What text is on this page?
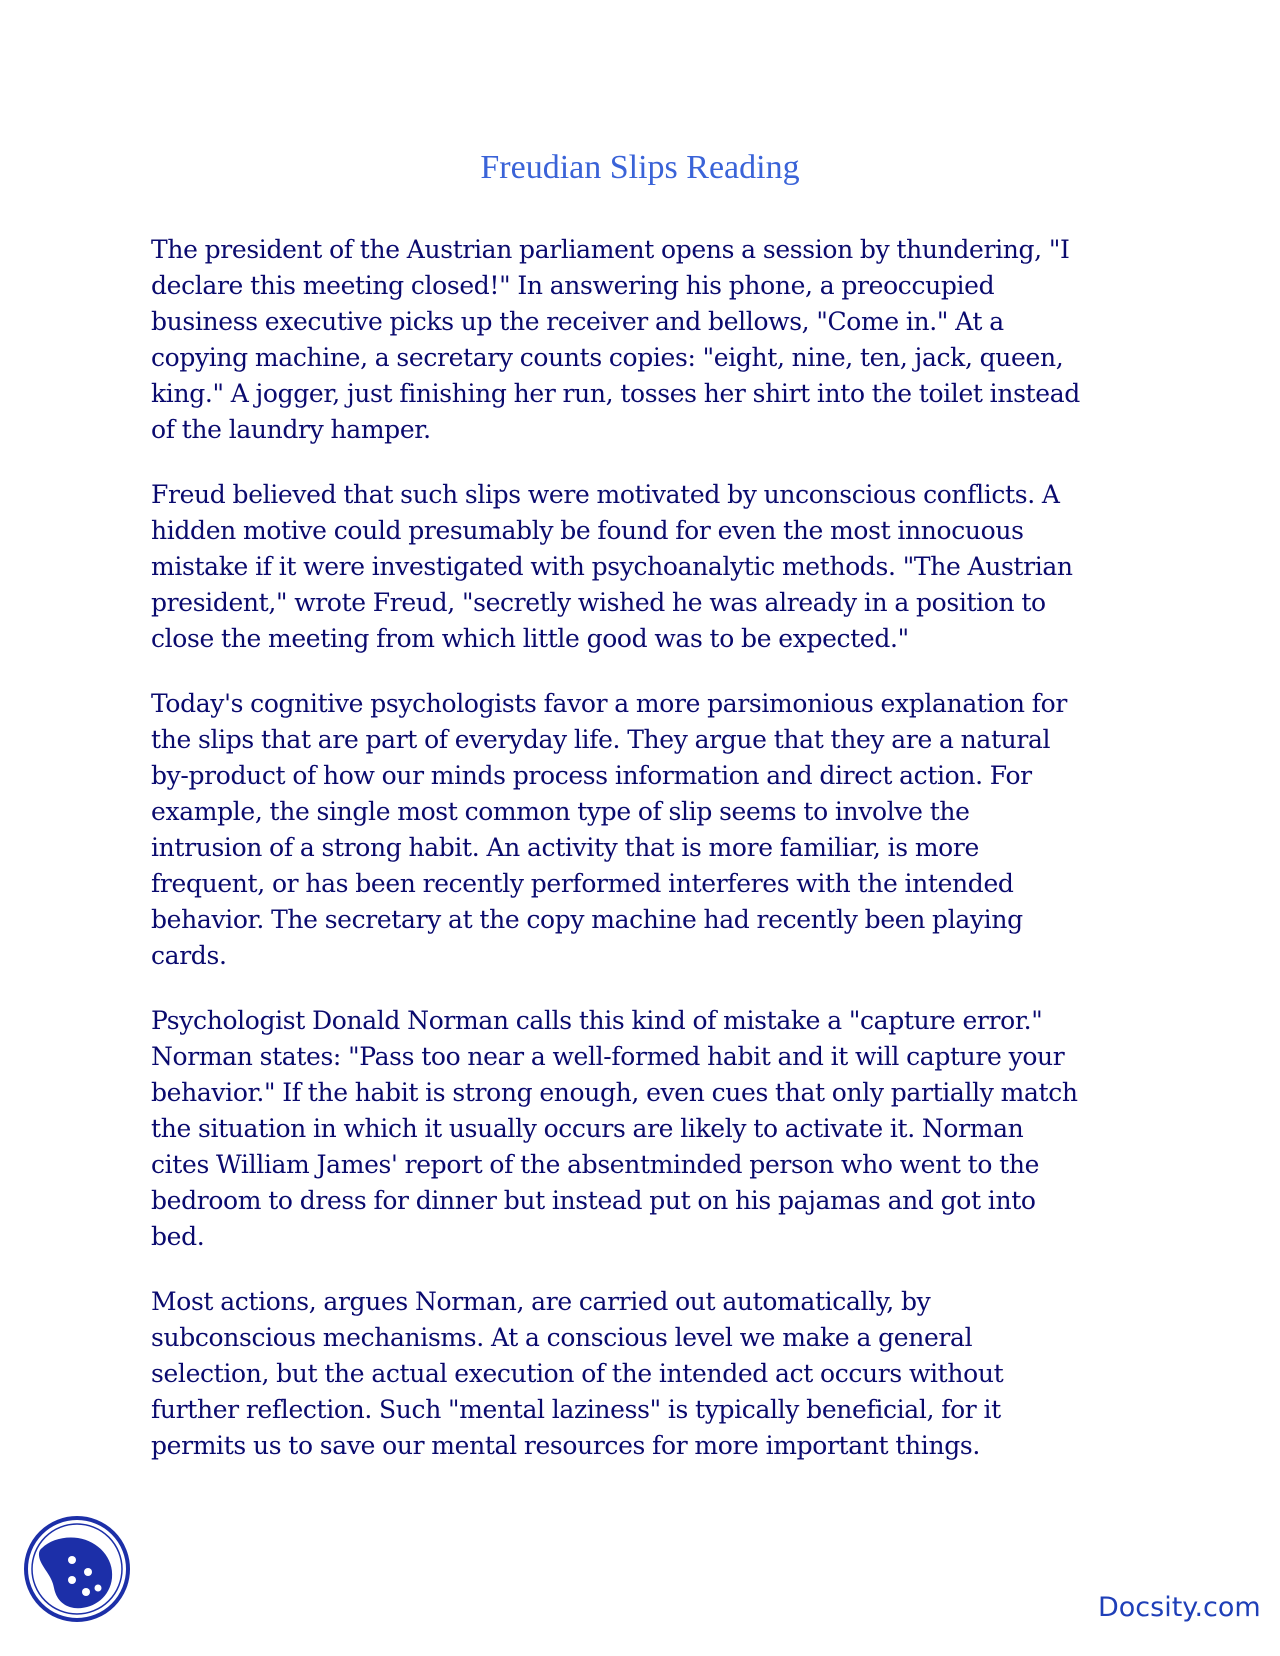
Freudian Slips Reading

The president of the Austrian parliament opens a session by thundering, "I
declare this meeting closed!" In answering his phone, a preoccupied
business executive picks up the receiver and bellows, "Come in." At a
copying machine, a secretary counts copies: "eight, nine, ten, jack, queen,
king." A jogger, just finishing her run, tosses her shirt into the toilet instead
of the laundry hamper.

Freud believed that such slips were motivated by unconscious conflicts. A
hidden motive could presumably be found for even the most innocuous
mistake if it were investigated with psychoanalytic methods. "The Austrian
president," wrote Freud, "secretly wished he was already in a position to
close the meeting from which little good was to be expected."

Today's cognitive psychologists favor a more parsimonious explanation for
the slips that are part of everyday life. They argue that they are a natural
by-product of how our minds process information and direct action. For
example, the single most common type of slip seems to involve the
intrusion of a strong habit. An activity that is more familiar, is more
frequent, or has been recently performed interferes with the intended
behavior. The secretary at the copy machine had recently been playing
cards.

Psychologist Donald Norman calls this kind of mistake a "capture error."
Norman states: "Pass too near a well-formed habit and it will capture your
behavior." If the habit is strong enough, even cues that only partially match
the situation in which it usually occurs are likely to activate it. Norman
cites William James' report of the absentminded person who went to the
bedroom to dress for dinner but instead put on his pajamas and got into
bed.

Most actions, argues Norman, are carried out automatically, by
subconscious mechanisms. At a conscious level we make a general
selection, but the actual execution of the intended act occurs without
further reflection. Such "mental laziness" is typically beneficial, for it
permits us to save our mental resources for more important things.

Docsity.com
